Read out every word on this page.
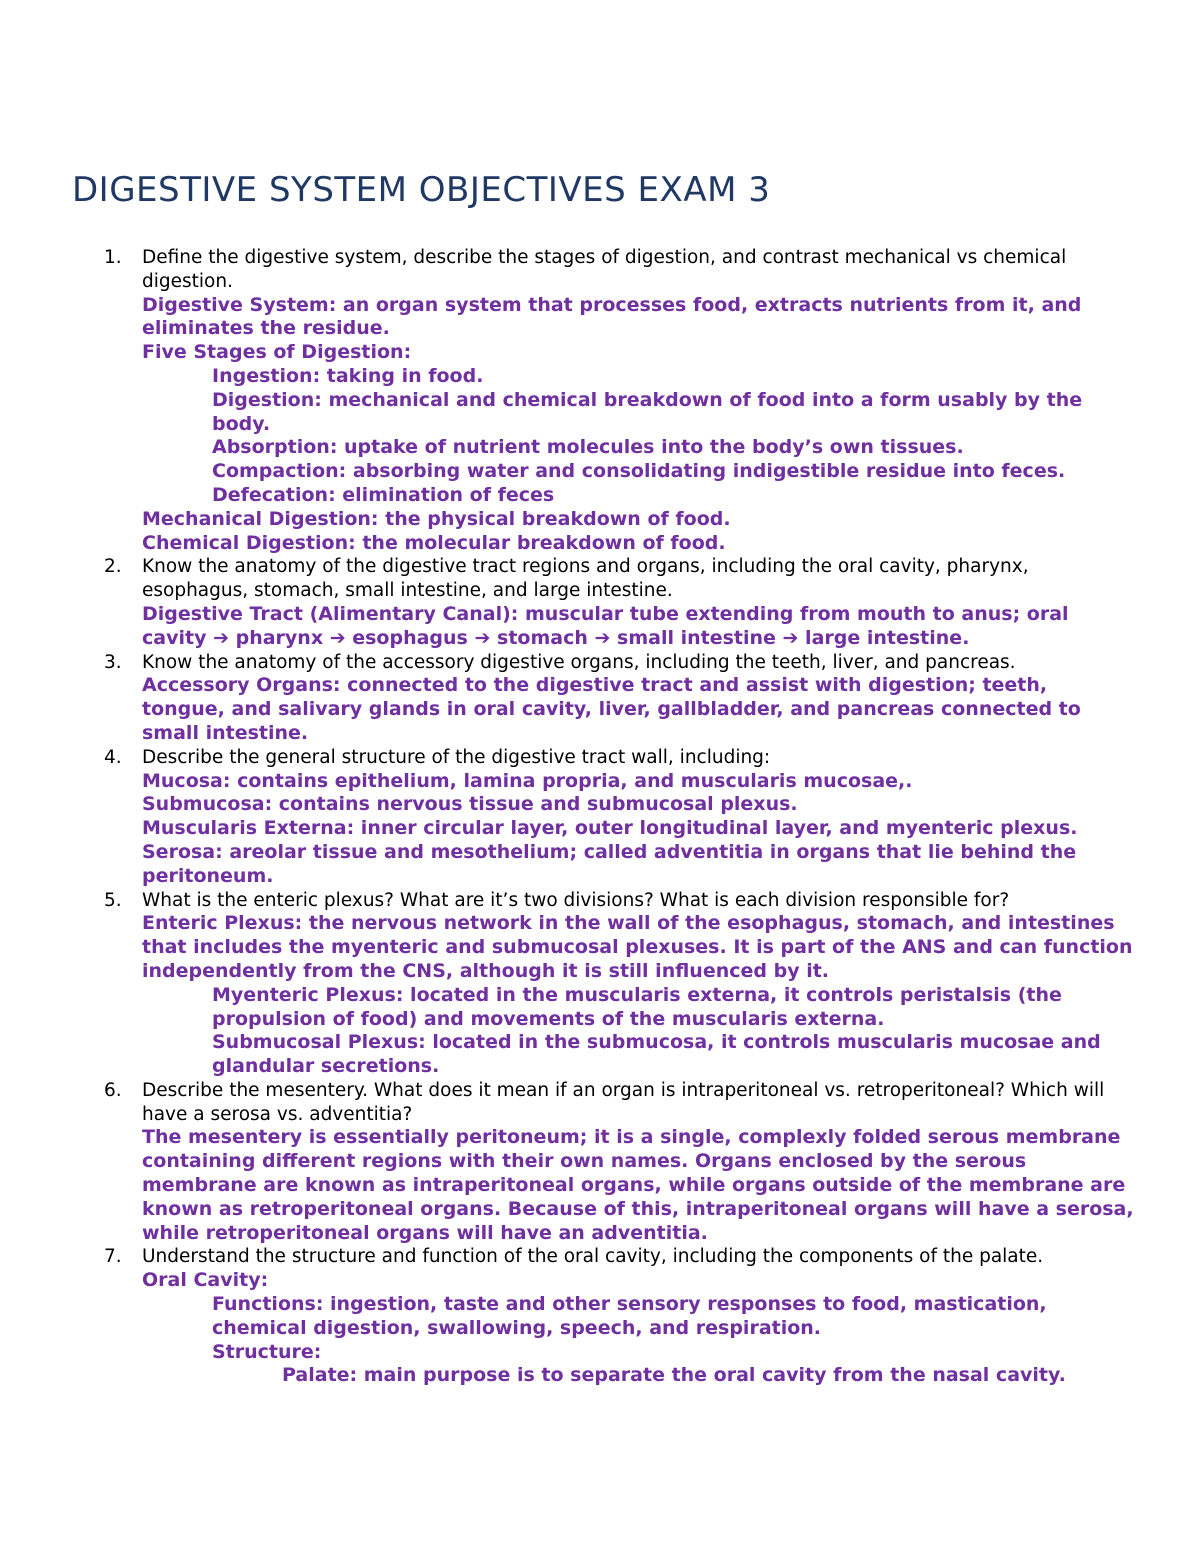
DIGESTIVE SYSTEM OBJECTIVES EXAM 3
1. Define the digestive system, describe the stages of digestion, and contrast mechanical vs chemical digestion.
Digestive System: an organ system that processes food, extracts nutrients from it, and eliminates the residue.
Five Stages of Digestion:
Ingestion: taking in food.
Digestion: mechanical and chemical breakdown of food into a form usably by the body.
Absorption: uptake of nutrient molecules into the body’s own tissues.
Compaction: absorbing water and consolidating indigestible residue into feces.
Defecation: elimination of feces
Mechanical Digestion: the physical breakdown of food.
Chemical Digestion: the molecular breakdown of food.
2. Know the anatomy of the digestive tract regions and organs, including the oral cavity, pharynx, esophagus, stomach, small intestine, and large intestine.
Digestive Tract (Alimentary Canal): muscular tube extending from mouth to anus; oral cavity ➔ pharynx ➔ esophagus ➔ stomach ➔ small intestine ➔ large intestine.
3. Know the anatomy of the accessory digestive organs, including the teeth, liver, and pancreas.
Accessory Organs: connected to the digestive tract and assist with digestion; teeth, tongue, and salivary glands in oral cavity, liver, gallbladder, and pancreas connected to small intestine.
4. Describe the general structure of the digestive tract wall, including:
Mucosa: contains epithelium, lamina propria, and muscularis mucosae,.
Submucosa: contains nervous tissue and submucosal plexus.
Muscularis Externa: inner circular layer, outer longitudinal layer, and myenteric plexus.
Serosa: areolar tissue and mesothelium; called adventitia in organs that lie behind the peritoneum.
5. What is the enteric plexus? What are it’s two divisions? What is each division responsible for?
Enteric Plexus: the nervous network in the wall of the esophagus, stomach, and intestines that includes the myenteric and submucosal plexuses. It is part of the ANS and can function independently from the CNS, although it is still influenced by it.
Myenteric Plexus: located in the muscularis externa, it controls peristalsis (the propulsion of food) and movements of the muscularis externa.
Submucosal Plexus: located in the submucosa, it controls muscularis mucosae and glandular secretions.
6. Describe the mesentery. What does it mean if an organ is intraperitoneal vs. retroperitoneal? Which will have a serosa vs. adventitia?
The mesentery is essentially peritoneum; it is a single, complexly folded serous membrane containing different regions with their own names. Organs enclosed by the serous membrane are known as intraperitoneal organs, while organs outside of the membrane are known as retroperitoneal organs. Because of this, intraperitoneal organs will have a serosa, while retroperitoneal organs will have an adventitia.
7. Understand the structure and function of the oral cavity, including the components of the palate.
Oral Cavity:
Functions: ingestion, taste and other sensory responses to food, mastication, chemical digestion, swallowing, speech, and respiration.
Structure:
Palate: main purpose is to separate the oral cavity from the nasal cavity.
